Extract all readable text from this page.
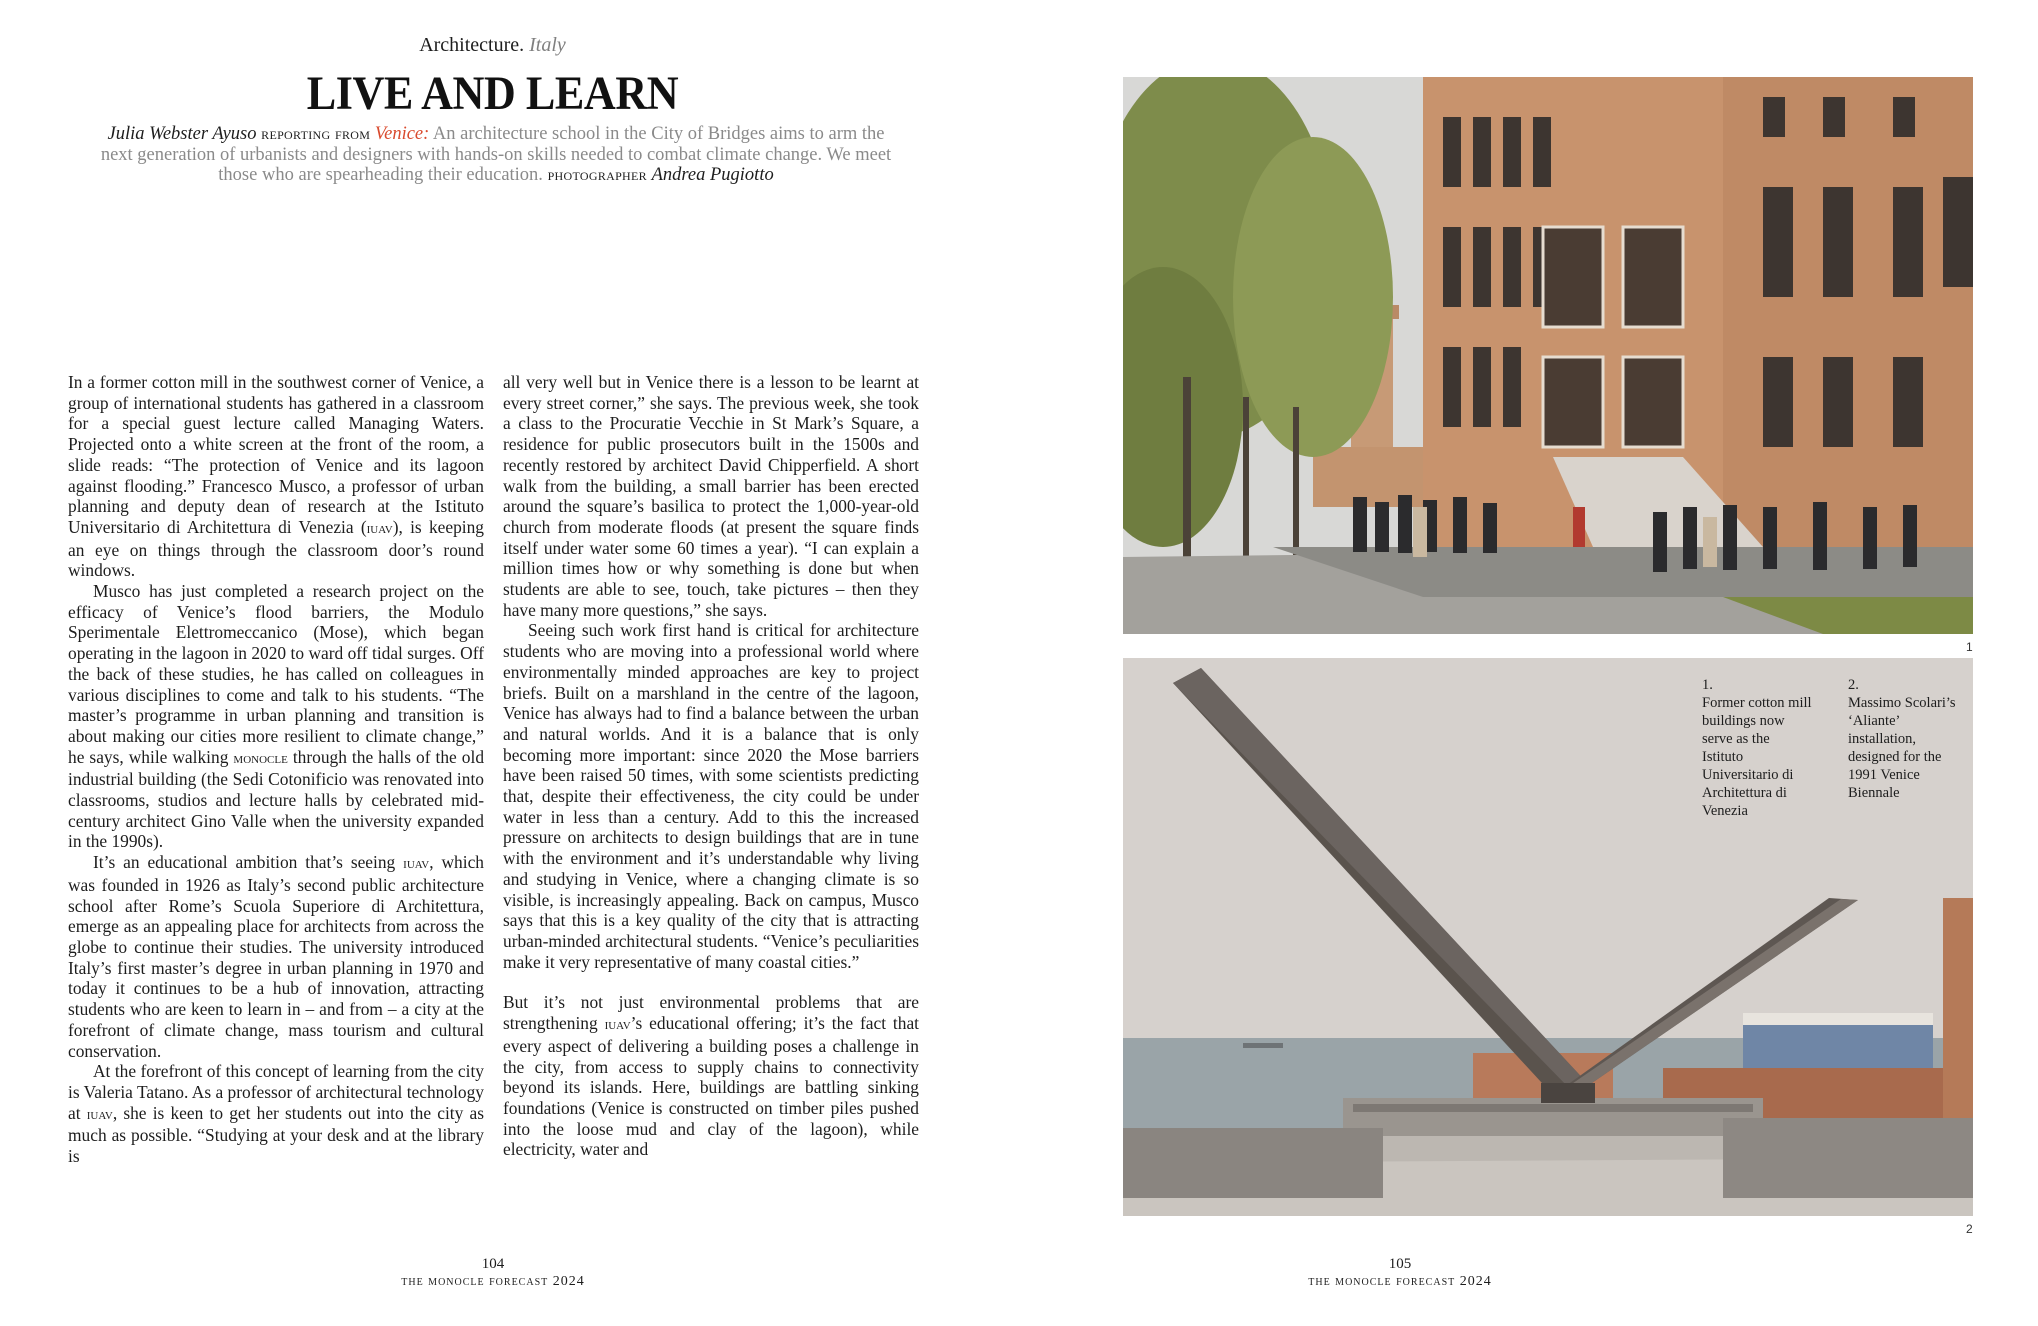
Architecture. Italy
LIVE AND LEARN
Julia Webster Ayuso reporting from Venice: An architecture school in the City of Bridges aims to arm the next generation of urbanists and designers with hands-on skills needed to combat climate change. We meet those who are spearheading their education. photographer Andrea Pugiotto

In a former cotton mill in the southwest corner of Venice, a group of international students has gathered in a classroom for a special guest lecture called Managing Waters. Projected onto a white screen at the front of the room, a slide reads: “The protection of Venice and its lagoon against flooding.” Francesco Musco, a professor of urban planning and deputy dean of research at the Istituto Universitario di Architettura di Venezia (iuav), is keeping an eye on things through the classroom door’s round windows.

Musco has just completed a research project on the efficacy of Venice’s flood barriers, the Modulo Sperimentale Elettromeccanico (Mose), which began operating in the lagoon in 2020 to ward off tidal surges. Off the back of these studies, he has called on colleagues in various disciplines to come and talk to his students. “The master’s programme in urban planning and transition is about making our cities more resilient to climate change,” he says, while walking monocle through the halls of the old industrial building (the Sedi Cotonificio was renovated into classrooms, studios and lecture halls by celebrated mid-century architect Gino Valle when the university expanded in the 1990s).

It’s an educational ambition that’s seeing iuav, which was founded in 1926 as Italy’s second public architecture school after Rome’s Scuola Superiore di Architettura, emerge as an appealing place for architects from across the globe to continue their studies. The university introduced Italy’s first master’s degree in urban planning in 1970 and today it continues to be a hub of innovation, attracting students who are keen to learn in – and from – a city at the forefront of climate change, mass tourism and cultural conservation.

At the forefront of this concept of learning from the city is Valeria Tatano. As a professor of architectural technology at iuav, she is keen to get her students out into the city as much as possible. “Studying at your desk and at the library is

all very well but in Venice there is a lesson to be learnt at every street corner,” she says. The previous week, she took a class to the Procuratie Vecchie in St Mark’s Square, a residence for public prosecutors built in the 1500s and recently restored by architect David Chipperfield. A short walk from the building, a small barrier has been erected around the square’s basilica to protect the 1,000-year-old church from moderate floods (at present the square finds itself under water some 60 times a year). “I can explain a million times how or why something is done but when students are able to see, touch, take pictures – then they have many more questions,” she says.

Seeing such work first hand is critical for architecture students who are moving into a professional world where environmentally minded approaches are key to project briefs. Built on a marshland in the centre of the lagoon, Venice has always had to find a balance between the urban and natural worlds. And it is a balance that is only becoming more important: since 2020 the Mose barriers have been raised 50 times, with some scientists predicting that, despite their effectiveness, the city could be under water in less than a century. Add to this the increased pressure on architects to design buildings that are in tune with the environment and it’s understandable why living and studying in Venice, where a changing climate is so visible, is increasingly appealing. Back on campus, Musco says that this is a key quality of the city that is attracting urban-minded architectural students. “Venice’s peculiarities make it very representative of many coastal cities.”

But it’s not just environmental problems that are strengthening iuav’s educational offering; it’s the fact that every aspect of delivering a building poses a challenge in the city, from access to supply chains to connectivity beyond its islands. Here, buildings are battling sinking foundations (Venice is constructed on timber piles pushed into the loose mud and clay of the lagoon), while electricity, water and

104
the monocle forecast 2024
1
2
1.
Former cotton mill buildings now serve as the Istituto Universitario di Architettura di Venezia
2.
Massimo Scolari’s ‘Aliante’ installation, designed for the 1991 Venice Biennale
105
the monocle forecast 2024
